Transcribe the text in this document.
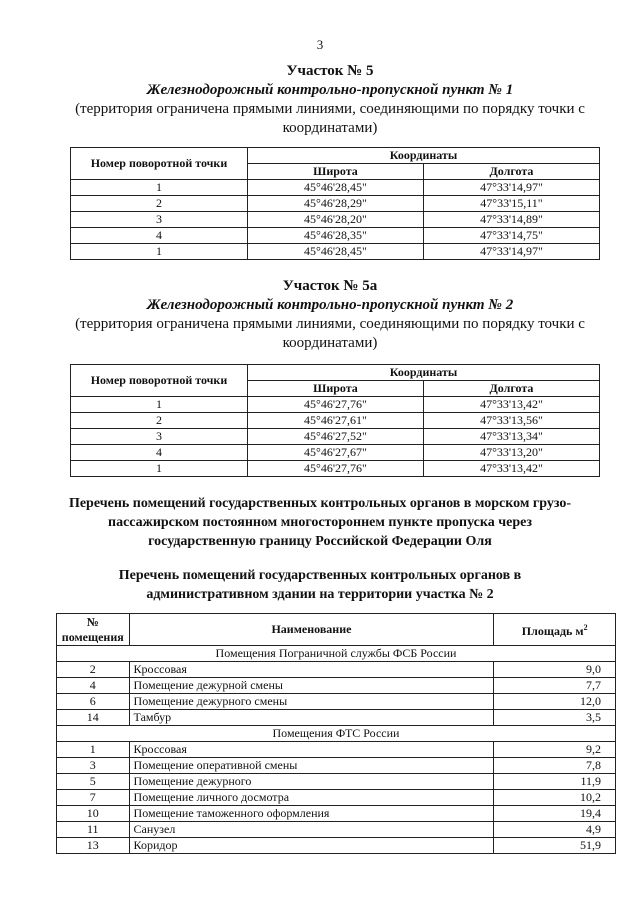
3
Участок № 5
Железнодорожный контрольно-пропускной пункт № 1
(территория ограничена прямыми линиями, соединяющими по порядку точки с координатами)
Номер поворотной точки	Координаты	
	Широта	Долгота
1	45°46'28,45"	47°33'14,97"
2	45°46'28,29"	47°33'15,11"
3	45°46'28,20"	47°33'14,89"
4	45°46'28,35"	47°33'14,75"
1	45°46'28,45"	47°33'14,97"
Участок № 5а
Железнодорожный контрольно-пропускной пункт № 2
(территория ограничена прямыми линиями, соединяющими по порядку точки с координатами)
Номер поворотной точки	Координаты	
	Широта	Долгота
1	45°46'27,76"	47°33'13,42"
2	45°46'27,61"	47°33'13,56"
3	45°46'27,52"	47°33'13,34"
4	45°46'27,67"	47°33'13,20"
1	45°46'27,76"	47°33'13,42"
Перечень помещений государственных контрольных органов в морском грузо-пассажирском постоянном многостороннем пункте пропуска через государственную границу Российской Федерации Оля
Перечень помещений государственных контрольных органов в административном здании на территории участка № 2
№ помещения	Наименование	Площадь $м^2$
Помещения Пограничной службы ФСБ России		
2	Кроссовая	9,0
4	Помещение дежурной смены	7,7
6	Помещение дежурного смены	12,0
14	Тамбур	3,5
Помещения ФТС России		
1	Кроссовая	9,2
3	Помещение оперативной смены	7,8
5	Помещение дежурного	11,9
7	Помещение личного досмотра	10,2
10	Помещение таможенного оформления	19,4
11	Санузел	4,9
13	Коридор	51,9
